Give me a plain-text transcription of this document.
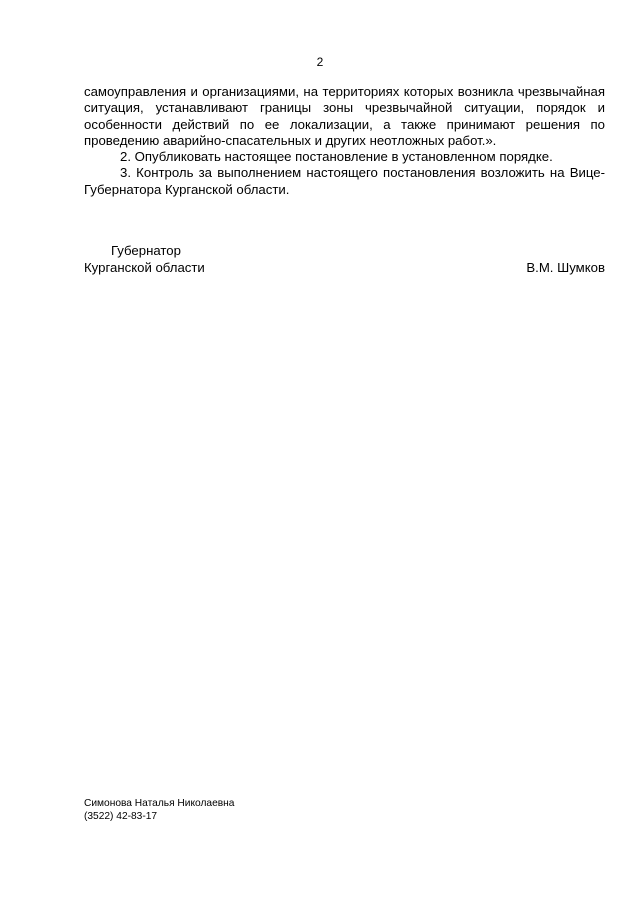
2

самоуправления и организациями, на территориях которых возникла чрезвычайная ситуация, устанавливают границы зоны чрезвычайной ситуации, порядок и особенности действий по ее локализации, а также принимают решения по проведению аварийно-спасательных и других неотложных работ.».

2. Опубликовать настоящее постановление в установленном порядке.

3. Контроль за выполнением настоящего постановления возложить на Вице-Губернатора Курганской области.

Губернатор
Курганской области	В.М. Шумков
Симонова Наталья Николаевна
(3522) 42-83-17
